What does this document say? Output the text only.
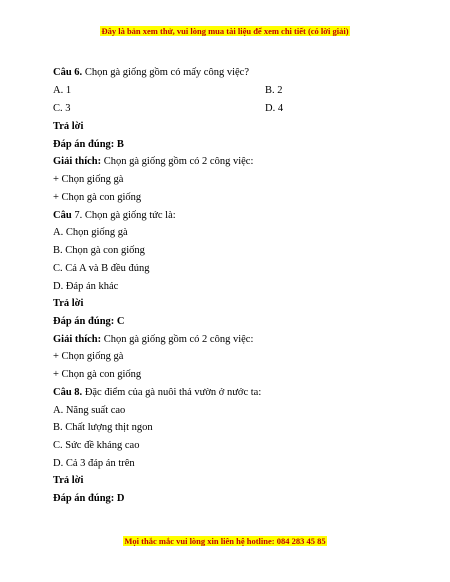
Đây là bản xem thử, vui lòng mua tài liệu để xem chi tiết (có lời giải)
Câu 6. Chọn gà giống gồm có mấy công việc?
A. 1	B. 2
C. 3	D. 4
Trả lời
Đáp án đúng: B
Giải thích: Chọn gà giống gồm có 2 công việc:
+ Chọn giống gà
+ Chọn gà con giống
Câu 7. Chọn gà giống tức là:
A. Chọn giống gà
B. Chọn gà con giống
C. Cả A và B đều đúng
D. Đáp án khác
Trả lời
Đáp án đúng: C
Giải thích: Chọn gà giống gồm có 2 công việc:
+ Chọn giống gà
+ Chọn gà con giống
Câu 8. Đặc điểm của gà nuôi thả vườn ở nước ta:
A. Năng suất cao
B. Chất lượng thịt ngon
C. Sức đề kháng cao
D. Cả 3 đáp án trên
Trả lời
Đáp án đúng: D
Mọi thắc mắc vui lòng xin liên hệ hotline: 084 283 45 85
